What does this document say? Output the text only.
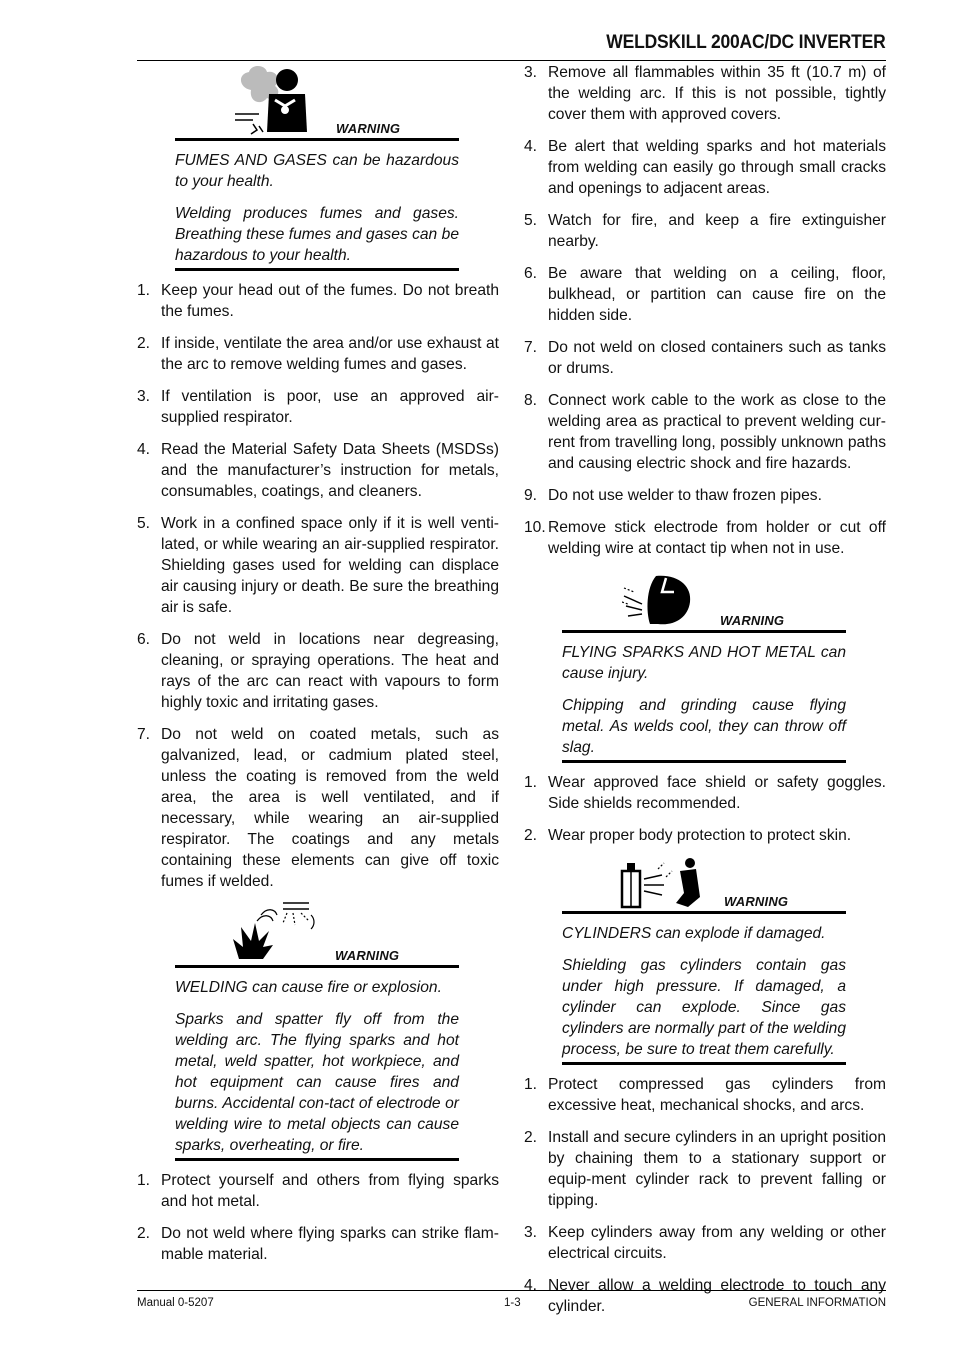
WELDSKILL 200AC/DC INVERTER
WARNING

FUMES AND GASES can be hazardous to your health.

Welding produces fumes and gases. Breathing these fumes and gases can be hazardous to your health.

1. Keep your head out of the fumes. Do not breath the fumes.
2. If inside, ventilate the area and/or use exhaust at the arc to remove welding fumes and gases.
3. If ventilation is poor, use an approved air-supplied respirator.
4. Read the Material Safety Data Sheets (MSDSs) and the manufacturer’s instruction for metals, consumables, coatings, and cleaners.
5. Work in a confined space only if it is well venti-lated, or while wearing an air-supplied respirator. Shielding gases used for welding can displace air causing injury or death. Be sure the breathing air is safe.
6. Do not weld in locations near degreasing, cleaning, or spraying operations. The heat and rays of the arc can react with vapours to form highly toxic and irritating gases.
7. Do not weld on coated metals, such as galvanized, lead, or cadmium plated steel, unless the coating is removed from the weld area, the area is well ventilated, and if necessary, while wearing an air-supplied respirator. The coatings and any metals containing these elements can give off toxic fumes if welded.
WARNING

WELDING can cause fire or explosion.

Sparks and spatter fly off from the welding arc. The flying sparks and hot metal, weld spatter, hot workpiece, and hot equipment can cause fires and burns. Accidental con-tact of electrode or welding wire to metal objects can cause sparks, overheating, or fire.

1. Protect yourself and others from flying sparks and hot metal.
2. Do not weld where flying sparks can strike flam-mable material.
3. Remove all flammables within 35 ft (10.7 m) of the welding arc. If this is not possible, tightly cover them with approved covers.
4. Be alert that welding sparks and hot materials from welding can easily go through small cracks and openings to adjacent areas.
5. Watch for fire, and keep a fire extinguisher nearby.
6. Be aware that welding on a ceiling, floor, bulkhead, or partition can cause fire on the hidden side.
7. Do not weld on closed containers such as tanks or drums.
8. Connect work cable to the work as close to the welding area as practical to prevent welding cur-rent from travelling long, possibly unknown paths and causing electric shock and fire hazards.
9. Do not use welder to thaw frozen pipes.
10. Remove stick electrode from holder or cut off welding wire at contact tip when not in use.
WARNING

FLYING SPARKS AND HOT METAL can cause injury.

Chipping and grinding cause flying metal. As welds cool, they can throw off slag.

1. Wear approved face shield or safety goggles. Side shields recommended.
2. Wear proper body protection to protect skin.
WARNING

CYLINDERS can explode if damaged.

Shielding gas cylinders contain gas under high pressure. If damaged, a cylinder can explode. Since gas cylinders are normally part of the welding process, be sure to treat them carefully.

1. Protect compressed gas cylinders from excessive heat, mechanical shocks, and arcs.
2. Install and secure cylinders in an upright position by chaining them to a stationary support or equip-ment cylinder rack to prevent falling or tipping.
3. Keep cylinders away from any welding or other electrical circuits.
4. Never allow a welding electrode to touch any cylinder.
Manual 0-5207	1-3	GENERAL INFORMATION
